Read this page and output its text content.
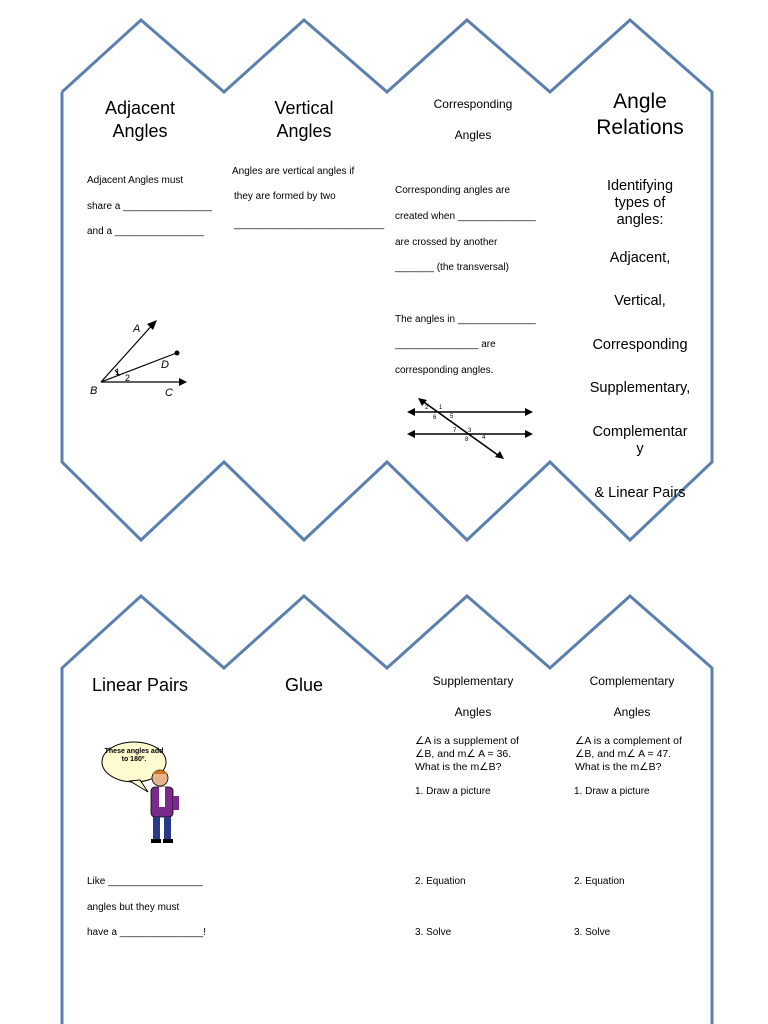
Adjacent Angles
Adjacent Angles must
share a ________________
and a ________________
A
D
B	C
1
2
Vertical Angles
Angles are vertical angles if
they are formed by two
___________________________
Corresponding
Angles
Corresponding angles are
created when ______________
are crossed by another
_______ (the transversal)
The angles in ______________
_______________ are
corresponding angles.
1
2
3
4
5
6
7
8
Angle Relations
Identifying types of angles:
Adjacent,
Vertical,
Corresponding
Supplementary,
Complementar y
& Linear Pairs
Linear Pairs
These angles add to 180º.
Like _________________
angles but they must
have a _______________!
Glue	Supplementary
Angles
∠A is a supplement of ∠B, and m∠ A = 36. What is the m∠B?
1. Draw a picture
2. Equation
3. Solve
Complementary
Angles
∠A is a complement of ∠B, and m∠ A = 47. What is the m∠B?
1. Draw a picture
2. Equation
3. Solve
